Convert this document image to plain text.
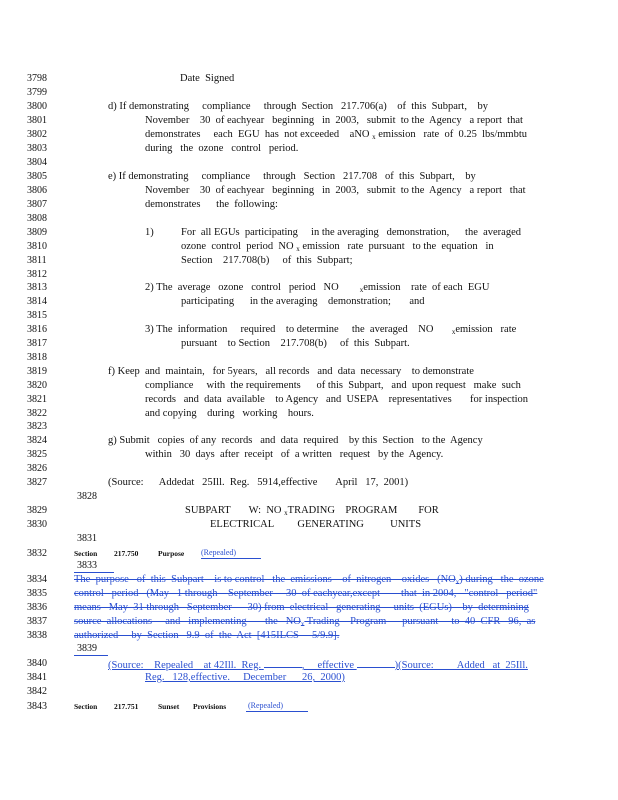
3798
3799
3800
3801
3802
3803
3804
3805
3806
3807
3808
3809
3810
3811
3812
3813
3814
3815
3816
3817
3818
3819
3820
3821
3822
3823
3824
3825
3826
3827
3829
3830
3832
3834
3835
3836
3837
3838
3840
3841
3842
3843
Date  Signed
d) If demonstrating     compliance     through  Section   217.706(a)    of  this  Subpart,    by
November    30  of eachyear   beginning   in  2003,   submit  to the  Agency   a report  that
demonstrates     each  EGU  has  not exceeded    aNO $_x$ emission   rate  of  0.25  lbs/mmbtu
during   the  ozone   control   period.
e) If demonstrating     compliance     through   Section   217.708   of  this  Subpart,    by
November    30  of eachyear   beginning   in  2003,   submit  to the  Agency   a report   that
demonstrates      the  following:
1)	For  all EGUs  participating     in the averaging   demonstration,      the  averaged
ozone  control  period  NO $_x$ emission   rate  pursuant   to the  equation   in
Section    217.708(b)     of  this  Subpart;
2) The  average   ozone   control   period   NO        $_x$emission    rate  of each  EGU
participating      in the averaging    demonstration;       and
3) The  information     required    to determine     the  averaged    NO       $_x$emission   rate
pursuant    to Section    217.708(b)     of  this  Subpart.
f) Keep  and  maintain,   for 5years,   all records   and  data  necessary    to demonstrate
compliance     with  the requirements      of this  Subpart,   and  upon request   make  such
records   and  data  available    to Agency   and  USEPA    representatives       for inspection
and copying    during   working    hours.
g) Submit   copies  of any  records   and  data  required    by this  Section   to the  Agency
within   30  days  after  receipt   of  a written   request   by the  Agency.
(Source:      Addedat   25Ill.  Reg.   5914,effective       April   17,  2001)
3828
SUBPART       W:  NO $_x$TRADING    PROGRAM        FOR
ELECTRICAL         GENERATING          UNITS
3831
Section 217.750	Purpose (Repealed)
3833
The  purpose   of  this  Subpart    is to control   the  emissions    of  nitrogen    oxides   $(NO_x)$ during   the  ozone
control   period   (May   1 through    September     30  of eachyear,except        that  in 2004,   "control   period"
means   May  31 through   September      30) from  electrical   generating     units  (EGUs)    by  determining
source  allocations     and   implementing       the   $NO_x$ Trading    Program      pursuant     to  40  CFR   96,  as
authorized     by  Section   9.9  of  the  Act  [415ILCS     5/9.9].
3839
(Source:    Repealed    at 42Ill.  Reg.	,     effective	)(Source:         Added   at  25Ill.
Reg.   128,effective.     December      26,  2000)
Section 217.751	Sunset Provisions	(Repealed)
